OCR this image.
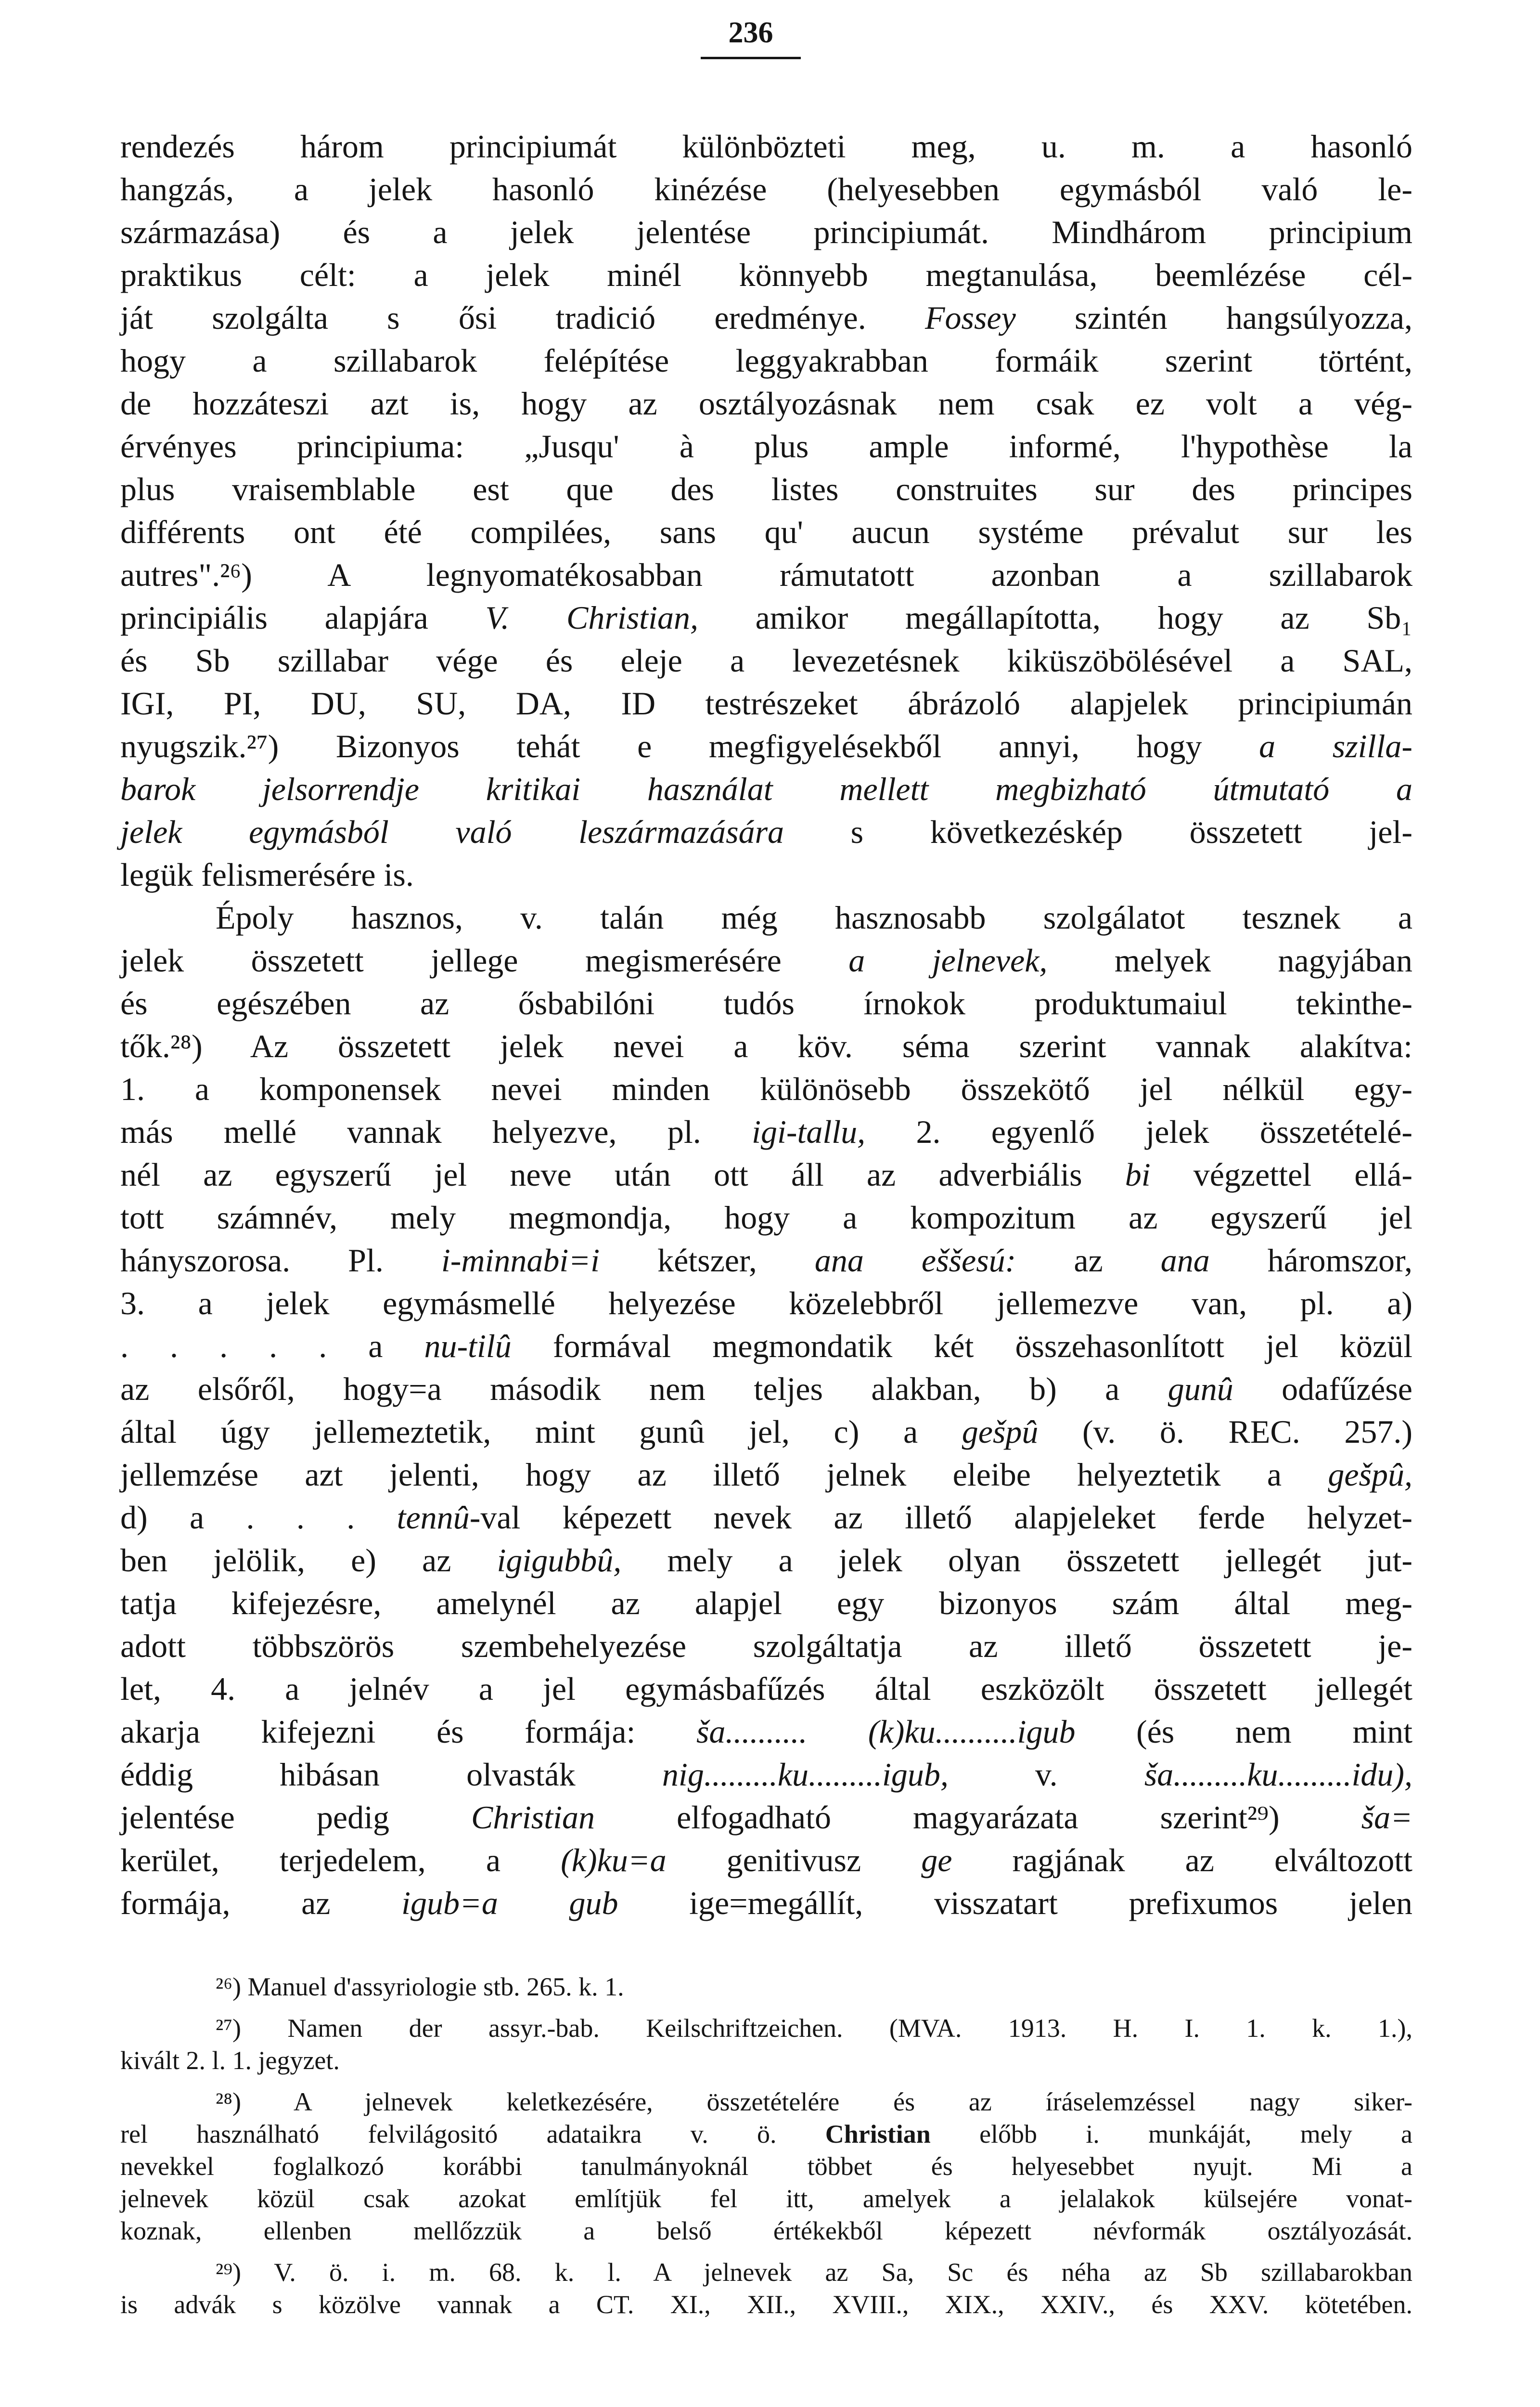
236
rendezés három principiumát különbözteti meg, u. m. a hasonló
hangzás, a jelek hasonló kinézése (helyesebben egymásból való le-
származása) és a jelek jelentése principiumát. Mindhárom principium
praktikus célt: a jelek minél könnyebb megtanulása, beemlézése cél-
ját szolgálta s ősi tradició eredménye. Fossey szintén hangsúlyozza,
hogy a szillabarok felépítése leggyakrabban formáik szerint történt,
de hozzáteszi azt is, hogy az osztályozásnak nem csak ez volt a vég-
érvényes principiuma: „Jusqu' à plus ample informé, l'hypothèse la
plus vraisemblable est que des listes construites sur des principes
différents ont été compilées, sans qu' aucun systéme prévalut sur les
autres".²⁶) A legnyomatékosabban rámutatott azonban a szillabarok
principiális alapjára V. Christian, amikor megállapította, hogy az Sb₁
és Sb szillabar vége és eleje a levezetésnek kiküszöbölésével a SAL,
IGI, PI, DU, SU, DA, ID testrészeket ábrázoló alapjelek principiumán
nyugszik.²⁷) Bizonyos tehát e megfigyelésekből annyi, hogy a szilla-
barok jelsorrendje kritikai használat mellett megbizható útmutató a
jelek egymásból való leszármazására s következéskép összetett jel-
legük felismerésére is.
Époly hasznos, v. talán még hasznosabb szolgálatot tesznek a
jelek összetett jellege megismerésére a jelnevek, melyek nagyjában
és egészében az ősbabilóni tudós írnokok produktumaiul tekinthe-
tők.²⁸) Az összetett jelek nevei a köv. séma szerint vannak alakítva:
1. a komponensek nevei minden különösebb összekötő jel nélkül egy-
más mellé vannak helyezve, pl. igi-tallu, 2. egyenlő jelek összetételé-
nél az egyszerű jel neve után ott áll az adverbiális bi végzettel ellá-
tott számnév, mely megmondja, hogy a kompozitum az egyszerű jel
hányszorosa. Pl. i-minnabi=i kétszer, ana eššesú: az ana háromszor,
3. a jelek egymásmellé helyezése közelebbről jellemezve van, pl. a)
. . . . . a nu-tilû formával megmondatik két összehasonlított jel közül
az elsőről, hogy=a második nem teljes alakban, b) a gunû odafűzése
által úgy jellemeztetik, mint gunû jel, c) a gešpû (v. ö. REC. 257.)
jellemzése azt jelenti, hogy az illető jelnek eleibe helyeztetik a gešpû,
d) a . . . tennû-val képezett nevek az illető alapjeleket ferde helyzet-
ben jelölik, e) az igigubbû, mely a jelek olyan összetett jellegét jut-
tatja kifejezésre, amelynél az alapjel egy bizonyos szám által meg-
adott többszörös szembehelyezése szolgáltatja az illető összetett je-
let, 4. a jelnév a jel egymásbafűzés által eszközölt összetett jellegét
akarja kifejezni és formája: ša.......... (k)ku..........igub (és nem mint
éddig hibásan olvasták nig.........ku.........igub, v. ša.........ku.........idu),
jelentése pedig Christian elfogadható magyarázata szerint²⁹) ša=
kerület, terjedelem, a (k)ku=a genitivusz ge ragjának az elváltozott
formája, az igub=a gub ige=megállít, visszatart prefixumos jelen
²⁶) Manuel d'assyriologie stb. 265. k. 1.
²⁷) Namen der assyr.-bab. Keilschriftzeichen. (MVA. 1913. H. I. 1. k. 1.),
kivált 2. l. 1. jegyzet.
²⁸) A jelnevek keletkezésére, összetételére és az íráselemzéssel nagy siker-
rel használható felvilágositó adataikra v. ö. Christian előbb i. munkáját, mely a
nevekkel foglalkozó korábbi tanulmányoknál többet és helyesebbet nyujt. Mi a
jelnevek közül csak azokat említjük fel itt, amelyek a jelalakok külsejére vonat-
koznak, ellenben mellőzzük a belső értékekből képezett névformák osztályozását.
²⁹) V. ö. i. m. 68. k. l. A jelnevek az Sa, Sc és néha az Sb szillabarokban
is advák s közölve vannak a CT. XI., XII., XVIII., XIX., XXIV., és XXV. kötetében.
